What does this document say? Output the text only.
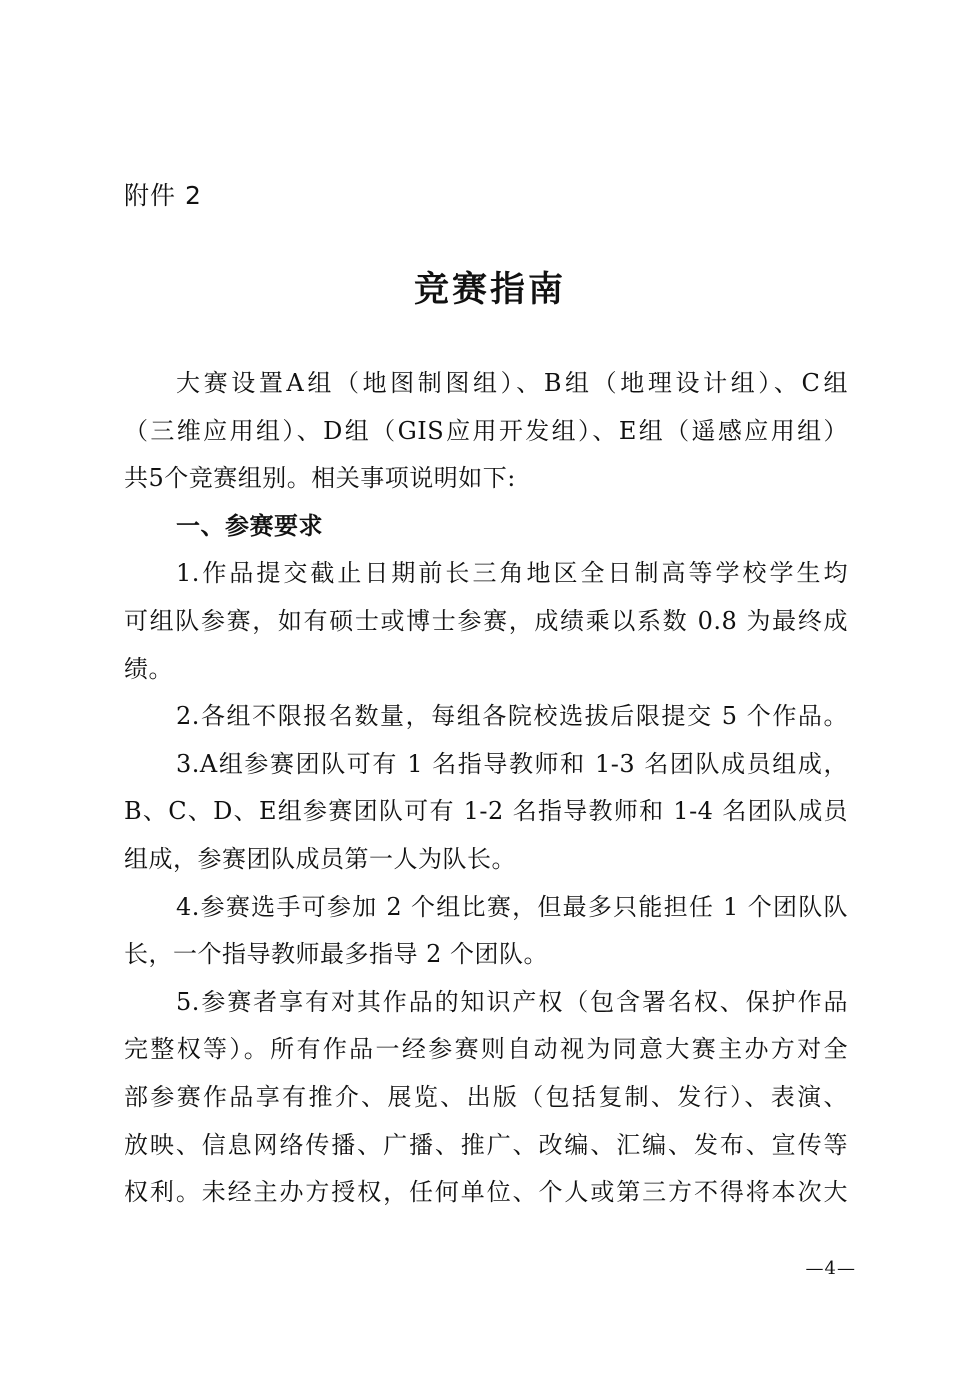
附件 2
竞赛指南
大赛设置A组（地图制图组）、B组（地理设计组）、C组
（三维应用组）、D组（GIS应用开发组）、E组（遥感应用组）
共5个竞赛组别。相关事项说明如下:
一、参赛要求
1.作品提交截止日期前长三角地区全日制高等学校学生均
可组队参赛，如有硕士或博士参赛，成绩乘以系数 0.8 为最终成
绩。
2.各组不限报名数量，每组各院校选拔后限提交 5 个作品。
3.A组参赛团队可有 1 名指导教师和 1-3 名团队成员组成，
B、C、D、E组参赛团队可有 1-2 名指导教师和 1-4 名团队成员
组成，参赛团队成员第一人为队长。
4.参赛选手可参加 2 个组比赛，但最多只能担任 1 个团队队
长，一个指导教师最多指导 2 个团队。
5.参赛者享有对其作品的知识产权（包含署名权、保护作品
完整权等）。所有作品一经参赛则自动视为同意大赛主办方对全
部参赛作品享有推介、展览、出版（包括复制、发行）、表演、
放映、信息网络传播、广播、推广、改编、汇编、发布、宣传等
权利。未经主办方授权，任何单位、个人或第三方不得将本次大
—4—
